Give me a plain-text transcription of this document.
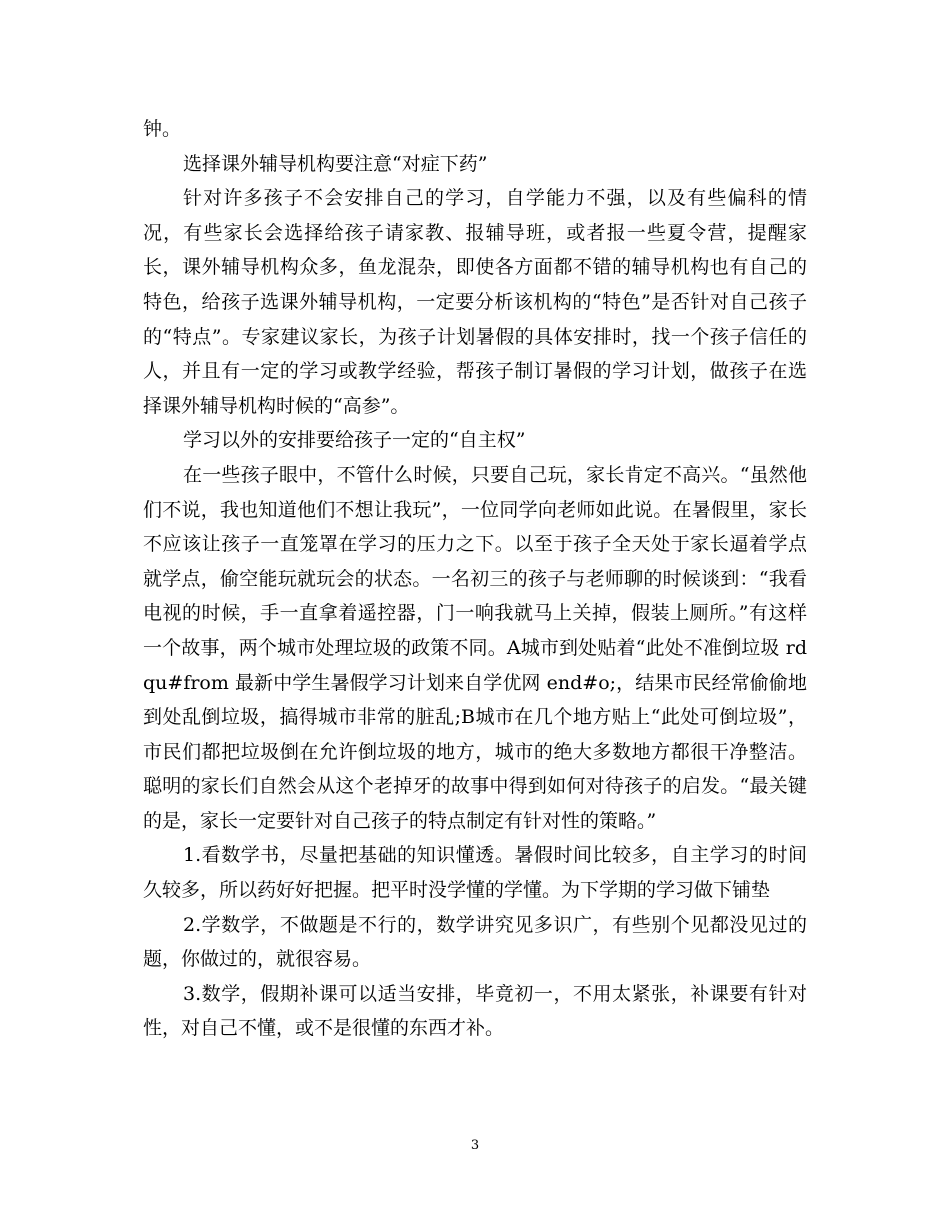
钟。

选择课外辅导机构要注意“对症下药”

针对许多孩子不会安排自己的学习，自学能力不强，以及有些偏科的情况，有些家长会选择给孩子请家教、报辅导班，或者报一些夏令营，提醒家长，课外辅导机构众多，鱼龙混杂，即使各方面都不错的辅导机构也有自己的特色，给孩子选课外辅导机构，一定要分析该机构的“特色”是否针对自己孩子的“特点”。专家建议家长，为孩子计划暑假的具体安排时，找一个孩子信任的人，并且有一定的学习或教学经验，帮孩子制订暑假的学习计划，做孩子在选择课外辅导机构时候的“高参”。

学习以外的安排要给孩子一定的“自主权”

在一些孩子眼中，不管什么时候，只要自己玩，家长肯定不高兴。“虽然他们不说，我也知道他们不想让我玩”，一位同学向老师如此说。在暑假里，家长不应该让孩子一直笼罩在学习的压力之下。以至于孩子全天处于家长逼着学点就学点，偷空能玩就玩会的状态。一名初三的孩子与老师聊的时候谈到：“我看电视的时候，手一直拿着遥控器，门一响我就马上关掉，假装上厕所。”有这样一个故事，两个城市处理垃圾的政策不同。A城市到处贴着“此处不准倒垃圾 rdqu#from 最新中学生暑假学习计划来自学优网 end#o;，结果市民经常偷偷地到处乱倒垃圾，搞得城市非常的脏乱;B城市在几个地方贴上“此处可倒垃圾”，市民们都把垃圾倒在允许倒垃圾的地方，城市的绝大多数地方都很干净整洁。聪明的家长们自然会从这个老掉牙的故事中得到如何对待孩子的启发。“最关键的是，家长一定要针对自己孩子的特点制定有针对性的策略。”

1.看数学书，尽量把基础的知识懂透。暑假时间比较多，自主学习的时间久较多，所以药好好把握。把平时没学懂的学懂。为下学期的学习做下铺垫

2.学数学，不做题是不行的，数学讲究见多识广，有些别个见都没见过的题，你做过的，就很容易。

3.数学，假期补课可以适当安排，毕竟初一，不用太紧张，补课要有针对性，对自己不懂，或不是很懂的东西才补。

3
